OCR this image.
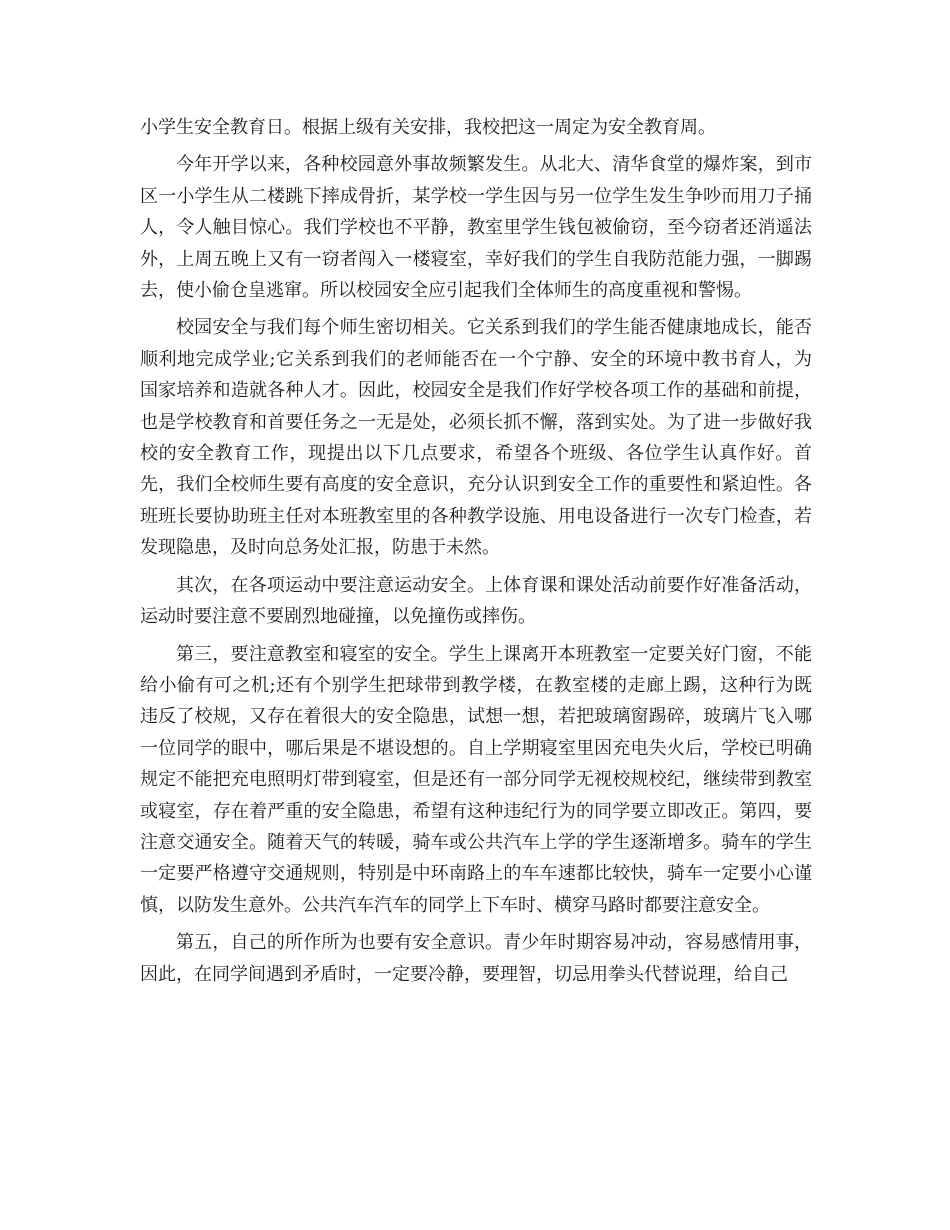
小学生安全教育日。根据上级有关安排，我校把这一周定为安全教育周。

今年开学以来，各种校园意外事故频繁发生。从北大、清华食堂的爆炸案，到市区一小学生从二楼跳下摔成骨折，某学校一学生因与另一位学生发生争吵而用刀子捅人，令人触目惊心。我们学校也不平静，教室里学生钱包被偷窃，至今窃者还消遥法外，上周五晚上又有一窃者闯入一楼寝室，幸好我们的学生自我防范能力强，一脚踢去，使小偷仓皇逃窜。所以校园安全应引起我们全体师生的高度重视和警惕。

校园安全与我们每个师生密切相关。它关系到我们的学生能否健康地成长，能否顺利地完成学业;它关系到我们的老师能否在一个宁静、安全的环境中教书育人，为国家培养和造就各种人才。因此，校园安全是我们作好学校各项工作的基础和前提，也是学校教育和首要任务之一无是处，必须长抓不懈，落到实处。为了进一步做好我校的安全教育工作，现提出以下几点要求，希望各个班级、各位学生认真作好。首先，我们全校师生要有高度的安全意识，充分认识到安全工作的重要性和紧迫性。各班班长要协助班主任对本班教室里的各种教学设施、用电设备进行一次专门检查，若发现隐患，及时向总务处汇报，防患于未然。

其次，在各项运动中要注意运动安全。上体育课和课处活动前要作好准备活动，运动时要注意不要剧烈地碰撞，以免撞伤或摔伤。

第三，要注意教室和寝室的安全。学生上课离开本班教室一定要关好门窗，不能给小偷有可之机;还有个别学生把球带到教学楼，在教室楼的走廊上踢，这种行为既违反了校规，又存在着很大的安全隐患，试想一想，若把玻璃窗踢碎，玻璃片飞入哪一位同学的眼中，哪后果是不堪设想的。自上学期寝室里因充电失火后，学校已明确规定不能把充电照明灯带到寝室，但是还有一部分同学无视校规校纪，继续带到教室或寝室，存在着严重的安全隐患，希望有这种违纪行为的同学要立即改正。第四，要注意交通安全。随着天气的转暖，骑车或公共汽车上学的学生逐渐增多。骑车的学生一定要严格遵守交通规则，特别是中环南路上的车车速都比较快，骑车一定要小心谨慎，以防发生意外。公共汽车汽车的同学上下车时、横穿马路时都要注意安全。

第五，自己的所作所为也要有安全意识。青少年时期容易冲动，容易感情用事，因此，在同学间遇到矛盾时，一定要冷静，要理智，切忌用拳头代替说理，给自己
